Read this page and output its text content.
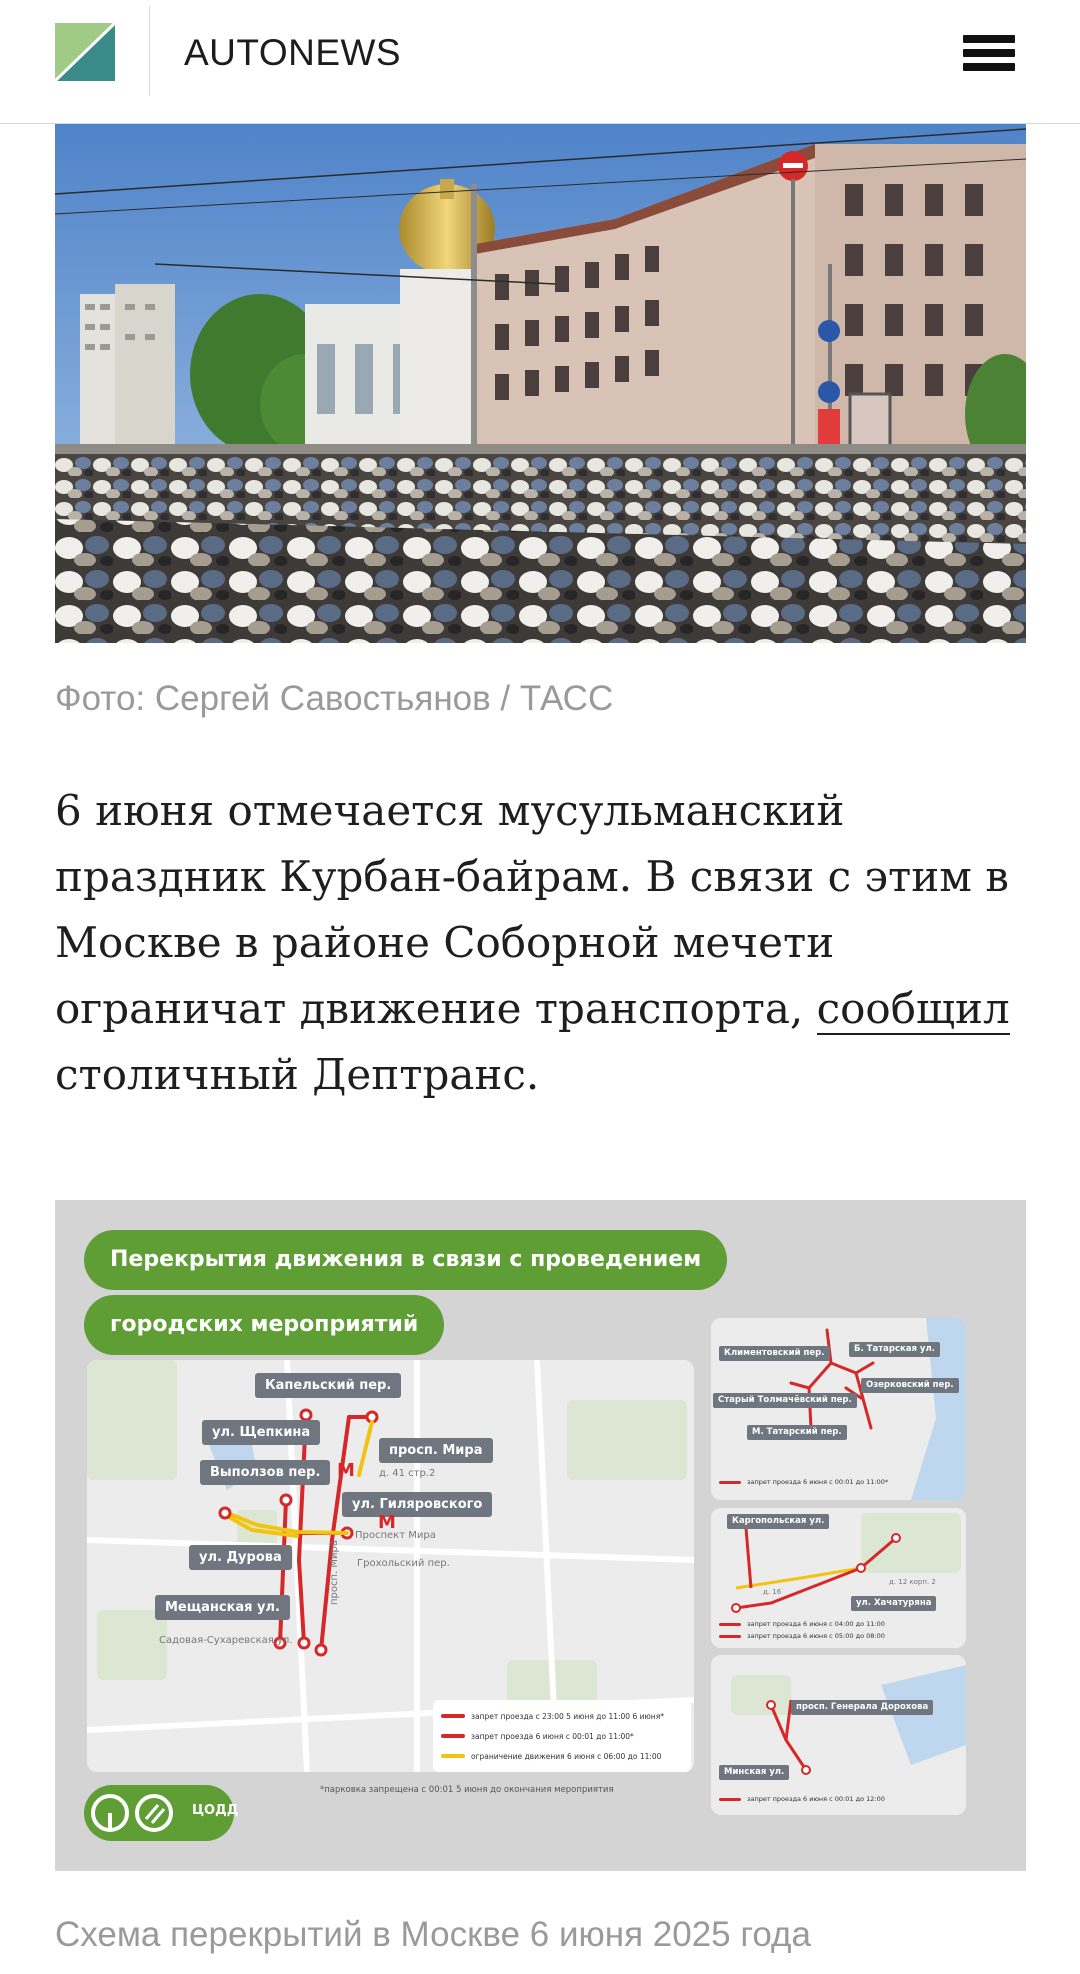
AUTONEWS
Фото: Сергей Савостьянов / ТАСС

6 июня отмечается мусульманский праздник Курбан-байрам. В связи с этим в Москве в районе Соборной мечети ограничат движение транспорта, сообщил столичный Дептранс.

Перекрытия движения в связи с проведением
городских мероприятий
Капельский пер.
ул. Щепкина
Выползов пер.
просп. Мира
ул. Гиляровского
ул. Дурова
Мещанская ул.
М
М
д. 41 стр.2
Проспект Мира
Грохольский пер.
Садовая-Сухаревская ул.
просп. Мира
запрет проезда с 23:00 5 июня до 11:00 6 июня*
запрет проезда 6 июня с 00:01 до 11:00*
ограничение движения 6 июня с 06:00 до 11:00
Климентовский пер.	Б. Татарская ул.
Озерковский пер.
Старый Толмачёвский пер.
М. Татарский пер.
запрет проезда 6 июня с 00:01 до 11:00*
Каргопольская ул.
ул. Хачатуряна
д. 16
д. 12 корп. 2
запрет проезда 6 июня с 04:00 до 11:00
запрет проезда 6 июня с 05:00 до 08:00
просп. Генерала Дорохова
Минская ул.
запрет проезда 6 июня с 00:01 до 12:00
*парковка запрещена с 00:01 5 июня до окончания мероприятия
ЦОДД
Схема перекрытий в Москве 6 июня 2025 года
